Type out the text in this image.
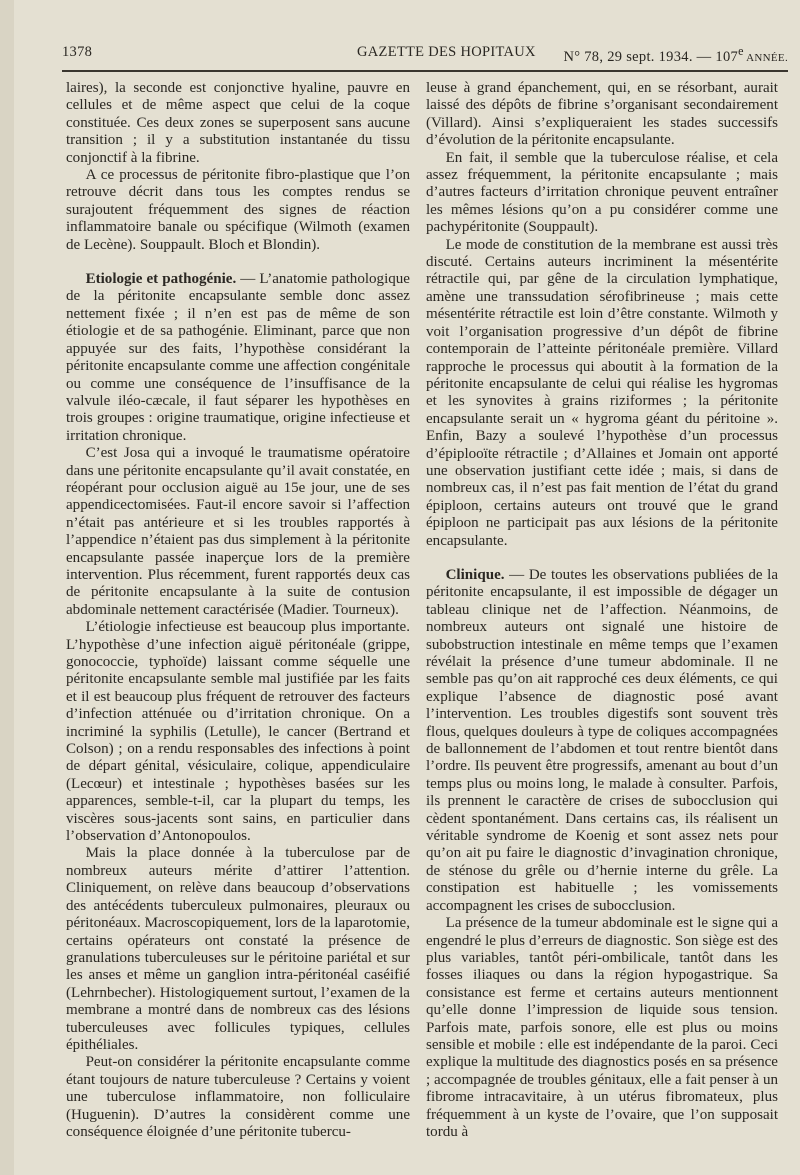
1378	GAZETTE DES HOPITAUX N° 78, 29 sept. 1934. — 107e ANNÉE.

laires), la seconde est conjonctive hyaline, pauvre en cellules et de même aspect que celui de la coque constituée. Ces deux zones se superposent sans aucune transition ; il y a substitution instantanée du tissu conjonctif à la fibrine.

A ce processus de péritonite fibro-plastique que l’on retrouve décrit dans tous les comptes rendus se surajoutent fréquemment des signes de réaction inflammatoire banale ou spécifique (Wilmoth (examen de Lecène). Souppault. Bloch et Blondin).

Etiologie et pathogénie. — L’anatomie pathologique de la péritonite encapsulante semble donc assez nettement fixée ; il n’en est pas de même de son étiologie et de sa pathogénie. Eliminant, parce que non appuyée sur des faits, l’hypothèse considérant la péritonite encapsulante comme une affection congénitale ou comme une conséquence de l’insuffisance de la valvule iléo-cæcale, il faut séparer les hypothèses en trois groupes : origine traumatique, origine infectieuse et irritation chronique.

C’est Josa qui a invoqué le traumatisme opératoire dans une péritonite encapsulante qu’il avait constatée, en réopérant pour occlusion aiguë au 15e jour, une de ses appendicectomisées. Faut-il encore savoir si l’affection n’était pas antérieure et si les troubles rapportés à l’appendice n’étaient pas dus simplement à la péritonite encapsulante passée inaperçue lors de la première intervention. Plus récemment, furent rapportés deux cas de péritonite encapsulante à la suite de contusion abdominale nettement caractérisée (Madier. Tourneux).

L’étiologie infectieuse est beaucoup plus importante. L’hypothèse d’une infection aiguë péritonéale (grippe, gonococcie, typhoïde) laissant comme séquelle une péritonite encapsulante semble mal justifiée par les faits et il est beaucoup plus fréquent de retrouver des facteurs d’infection atténuée ou d’irritation chronique. On a incriminé la syphilis (Letulle), le cancer (Bertrand et Colson) ; on a rendu responsables des infections à point de départ génital, vésiculaire, colique, appendiculaire (Lecœur) et intestinale ; hypothèses basées sur les apparences, semble-t-il, car la plupart du temps, les viscères sous-jacents sont sains, en particulier dans l’observation d’Antonopoulos.

Mais la place donnée à la tuberculose par de nombreux auteurs mérite d’attirer l’attention. Cliniquement, on relève dans beaucoup d’observations des antécédents tuberculeux pulmonaires, pleuraux ou péritonéaux. Macroscopiquement, lors de la laparotomie, certains opérateurs ont constaté la présence de granulations tuberculeuses sur le péritoine pariétal et sur les anses et même un ganglion intra-péritonéal caséifié (Lehrnbecher). Histologiquement surtout, l’examen de la membrane a montré dans de nombreux cas des lésions tuberculeuses avec follicules typiques, cellules épithéliales.

Peut-on considérer la péritonite encapsulante comme étant toujours de nature tuberculeuse ? Certains y voient une tuberculose inflammatoire, non folliculaire (Huguenin). D’autres la considèrent comme une conséquence éloignée d’une péritonite tubercu-

leuse à grand épanchement, qui, en se résorbant, aurait laissé des dépôts de fibrine s’organisant secondairement (Villard). Ainsi s’expliqueraient les stades successifs d’évolution de la péritonite encapsulante.

En fait, il semble que la tuberculose réalise, et cela assez fréquemment, la péritonite encapsulante ; mais d’autres facteurs d’irritation chronique peuvent entraîner les mêmes lésions qu’on a pu considérer comme une pachypéritonite (Souppault).

Le mode de constitution de la membrane est aussi très discuté. Certains auteurs incriminent la mésentérite rétractile qui, par gêne de la circulation lymphatique, amène une transsudation sérofibrineuse ; mais cette mésentérite rétractile est loin d’être constante. Wilmoth y voit l’organisation progressive d’un dépôt de fibrine contemporain de l’atteinte péritonéale première. Villard rapproche le processus qui aboutit à la formation de la péritonite encapsulante de celui qui réalise les hygromas et les synovites à grains riziformes ; la péritonite encapsulante serait un « hygroma géant du péritoine ». Enfin, Bazy a soulevé l’hypothèse d’un processus d’épiplooïte rétractile ; d’Allaines et Jomain ont apporté une observation justifiant cette idée ; mais, si dans de nombreux cas, il n’est pas fait mention de l’état du grand épiploon, certains auteurs ont trouvé que le grand épiploon ne participait pas aux lésions de la péritonite encapsulante.

Clinique. — De toutes les observations publiées de la péritonite encapsulante, il est impossible de dégager un tableau clinique net de l’affection. Néanmoins, de nombreux auteurs ont signalé une histoire de subobstruction intestinale en même temps que l’examen révélait la présence d’une tumeur abdominale. Il ne semble pas qu’on ait rapproché ces deux éléments, ce qui explique l’absence de diagnostic posé avant l’intervention. Les troubles digestifs sont souvent très flous, quelques douleurs à type de coliques accompagnées de ballonnement de l’abdomen et tout rentre bientôt dans l’ordre. Ils peuvent être progressifs, amenant au bout d’un temps plus ou moins long, le malade à consulter. Parfois, ils prennent le caractère de crises de subocclusion qui cèdent spontanément. Dans certains cas, ils réalisent un véritable syndrome de Koenig et sont assez nets pour qu’on ait pu faire le diagnostic d’invagination chronique, de sténose du grêle ou d’hernie interne du grêle. La constipation est habituelle ; les vomissements accompagnent les crises de subocclusion.

La présence de la tumeur abdominale est le signe qui a engendré le plus d’erreurs de diagnostic. Son siège est des plus variables, tantôt péri-ombilicale, tantôt dans les fosses iliaques ou dans la région hypogastrique. Sa consistance est ferme et certains auteurs mentionnent qu’elle donne l’impression de liquide sous tension. Parfois mate, parfois sonore, elle est plus ou moins sensible et mobile : elle est indépendante de la paroi. Ceci explique la multitude des diagnostics posés en sa présence ; accompagnée de troubles génitaux, elle a fait penser à un fibrome intracavitaire, à un utérus fibromateux, plus fréquemment à un kyste de l’ovaire, que l’on supposait tordu à
